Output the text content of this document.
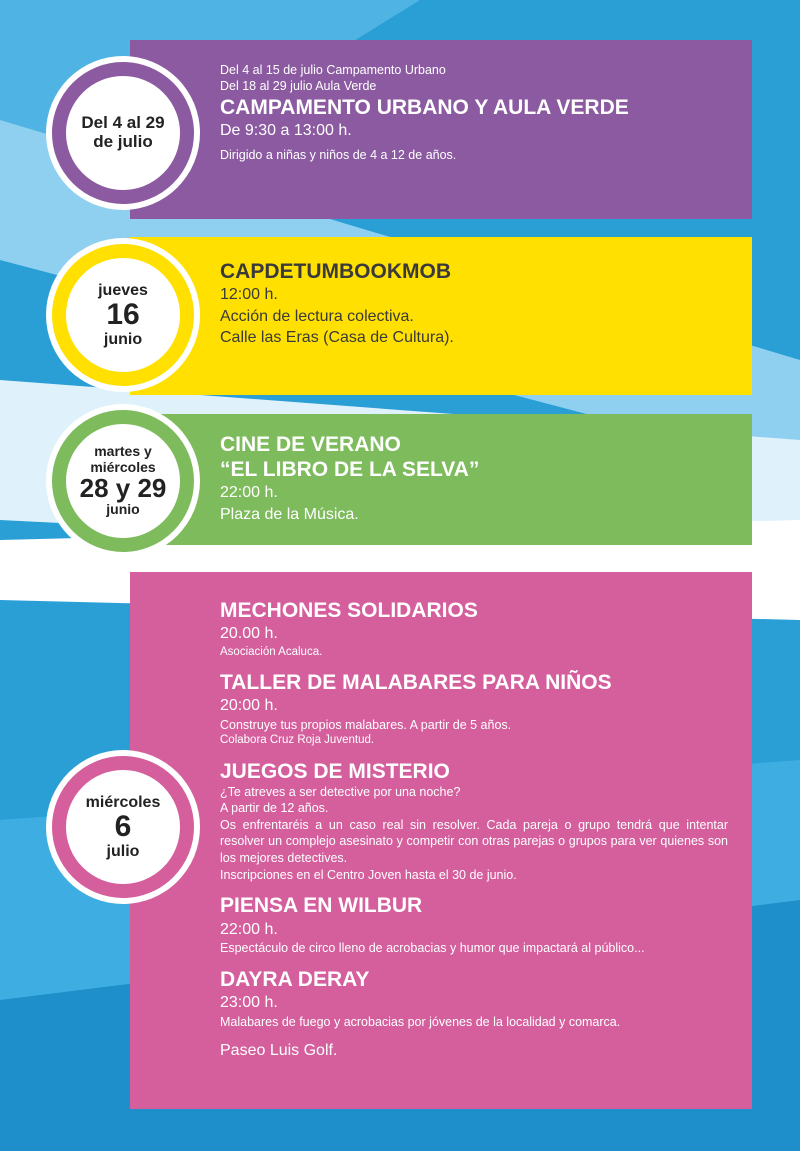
Del 4 al 15 de julio Campamento Urbano
Del 18 al 29 julio Aula Verde
CAMPAMENTO URBANO Y AULA VERDE
De 9:30 a 13:00 h.
Dirigido a niñas y niños de 4 a 12 de años.
Del 4 al 29
de julio
CAPDETUMBOOKMOB
12:00 h.
Acción de lectura colectiva.
Calle las Eras (Casa de Cultura).
jueves
16
junio
CINE DE VERANO
“EL LIBRO DE LA SELVA”
22:00 h.
Plaza de la Música.
martes y
miércoles
28 y 29
junio
MECHONES SOLIDARIOS
20.00 h.
Asociación Acaluca.
TALLER DE MALABARES PARA NIÑOS
20:00 h.
Construye tus propios malabares. A partir de 5 años.
Colabora Cruz Roja Juventud.
JUEGOS DE MISTERIO
¿Te atreves a ser detective por una noche?
A partir de 12 años.
Os enfrentaréis a un caso real sin resolver. Cada pareja o grupo tendrá que intentar resolver un complejo asesinato y competir con otras parejas o grupos para ver quienes son los mejores detectives.
Inscripciones en el Centro Joven hasta el 30 de junio.
PIENSA EN WILBUR
22:00 h.
Espectáculo de circo lleno de acrobacias y humor que impactará al público...
DAYRA DERAY
23:00 h.
Malabares de fuego y acrobacias por jóvenes de la localidad y comarca.
Paseo Luis Golf.
miércoles
6
julio
